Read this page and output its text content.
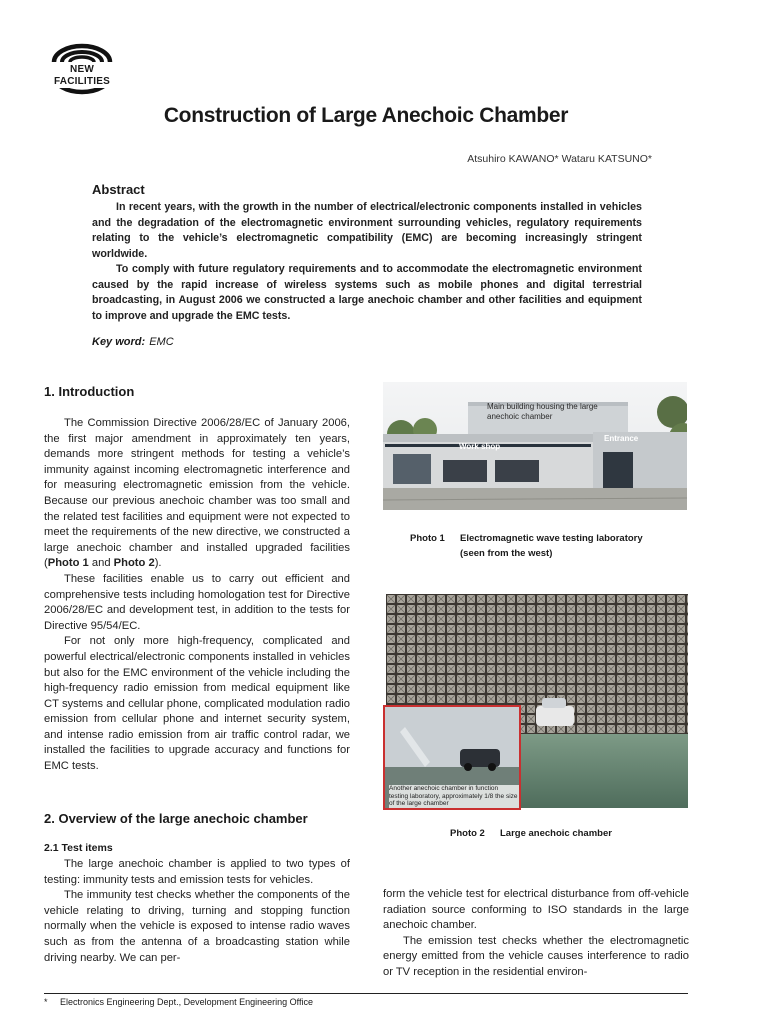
NEW FACILITIES
Construction of Large Anechoic Chamber
Atsuhiro KAWANO* Wataru KATSUNO*
Abstract

In recent years, with the growth in the number of electrical/electronic components installed in vehicles and the degradation of the electromagnetic environment surrounding vehicles, regulatory requirements relating to the vehicle’s electromagnetic compatibility (EMC) are becoming increasingly stringent worldwide.

To comply with future regulatory requirements and to accommodate the electromagnetic environment caused by the rapid increase of wireless systems such as mobile phones and digital terrestrial broadcasting, in August 2006 we constructed a large anechoic chamber and other facilities and equipment to improve and upgrade the EMC tests.

Key word: EMC
1. Introduction

The Commission Directive 2006/28/EC of January 2006, the first major amendment in approximately ten years, demands more stringent methods for testing a vehicle’s immunity against incoming electromagnetic interference and for measuring electromagnetic emission from the vehicle. Because our previous anechoic chamber was too small and the related test facilities and equipment were not expected to meet the requirements of the new directive, we constructed a large anechoic chamber and installed upgraded facilities (Photo 1 and Photo 2).

These facilities enable us to carry out efficient and comprehensive tests including homologation test for Directive 2006/28/EC and development test, in addition to the tests for Directive 95/54/EC.

For not only more high-frequency, complicated and powerful electrical/electronic components installed in vehicles but also for the EMC environment of the vehicle including the high-frequency radio emission from medical equipment like CT systems and cellular phone, complicated modulation radio emission from cellular phone and internet security system, and intense radio emission from air traffic control radar, we installed the facilities to upgrade accuracy and functions for EMC tests.

2. Overview of the large anechoic chamber
2.1 Test items

The large anechoic chamber is applied to two types of testing: immunity tests and emission tests for vehicles.

The immunity test checks whether the components of the vehicle relating to driving, turning and stopping function normally when the vehicle is exposed to intense radio waves such as from the antenna of a broadcasting station while driving nearby. We can per-

form the vehicle test for electrical disturbance from off-vehicle radiation source conforming to ISO standards in the large anechoic chamber.

The emission test checks whether the electromagnetic energy emitted from the vehicle causes interference to radio or TV reception in the residential environ-

Main building housing the large anechoic chamber
Work shop
Entrance
Photo 1 Electromagnetic wave testing laboratory
(seen from the west)
Another anechoic chamber in function testing laboratory, approximately 1/8 the size of the large chamber
Photo 2 Large anechoic chamber
* Electronics Engineering Dept., Development Engineering Office
